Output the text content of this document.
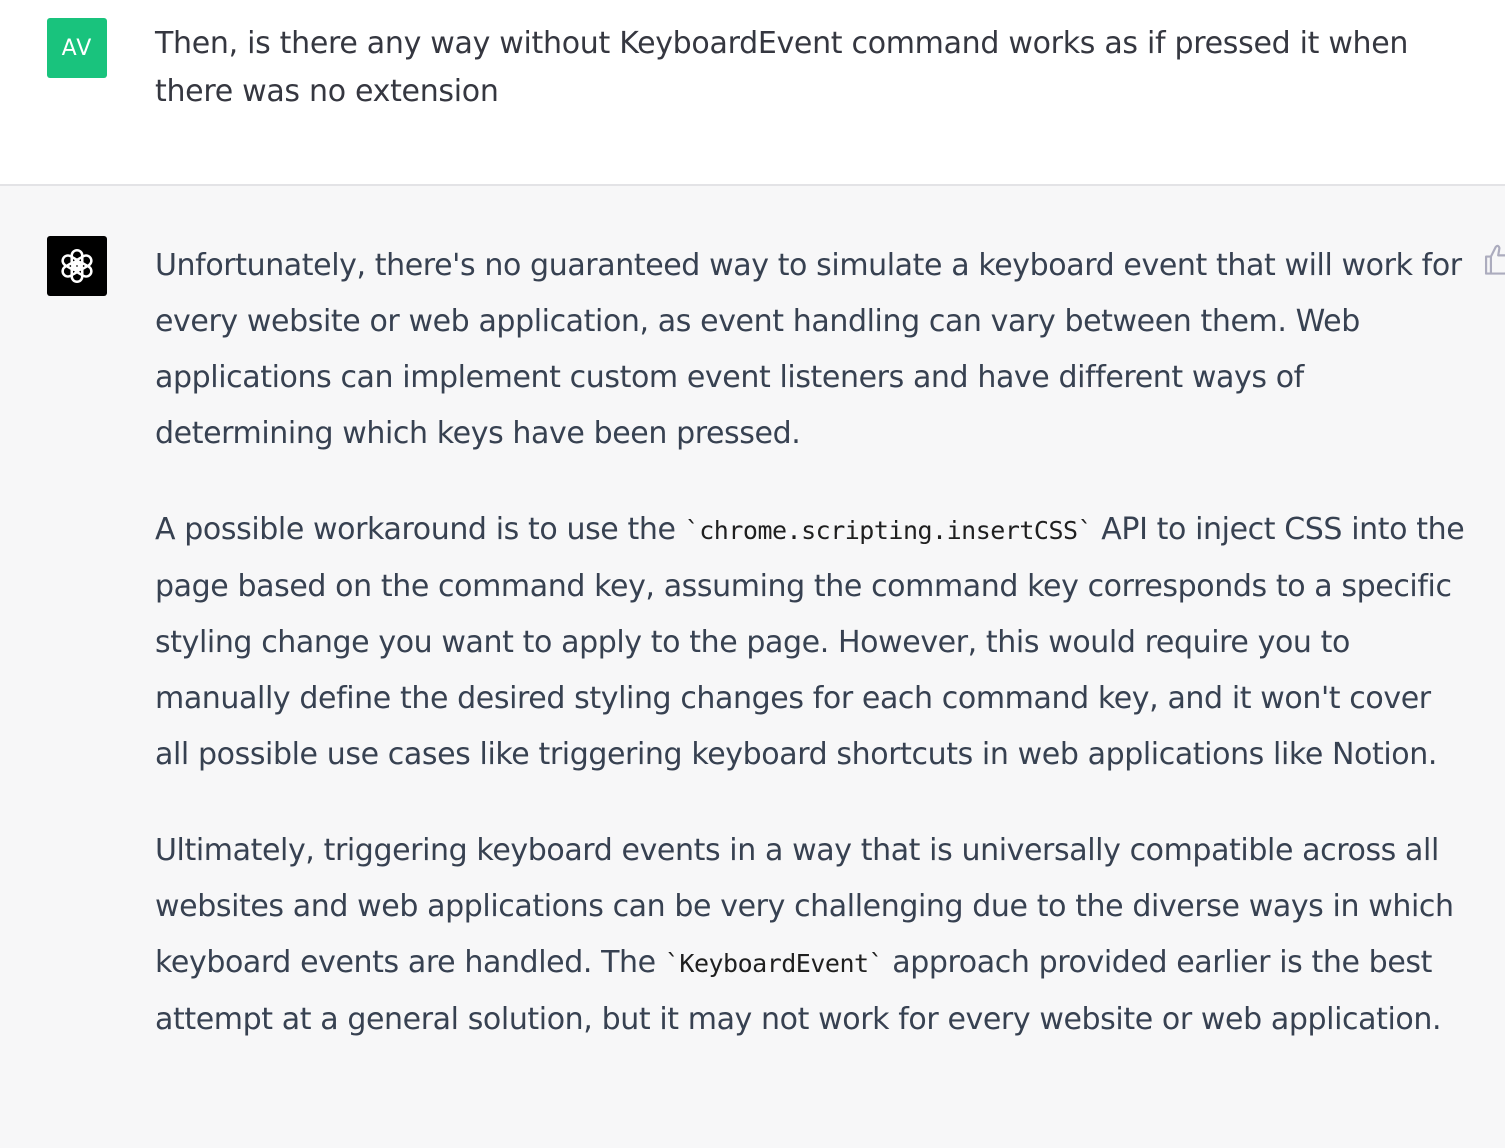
AV Then, is there any way without KeyboardEvent command works as if pressed it when there was no extension

Unfortunately, there's no guaranteed way to simulate a keyboard event that will work for every website or web application, as event handling can vary between them. Web applications can implement custom event listeners and have different ways of determining which keys have been pressed.

A possible workaround is to use the `chrome.scripting.insertCSS` API to inject CSS into the page based on the command key, assuming the command key corresponds to a specific styling change you want to apply to the page. However, this would require you to manually define the desired styling changes for each command key, and it won't cover all possible use cases like triggering keyboard shortcuts in web applications like Notion.

Ultimately, triggering keyboard events in a way that is universally compatible across all websites and web applications can be very challenging due to the diverse ways in which keyboard events are handled. The `KeyboardEvent` approach provided earlier is the best attempt at a general solution, but it may not work for every website or web application.
